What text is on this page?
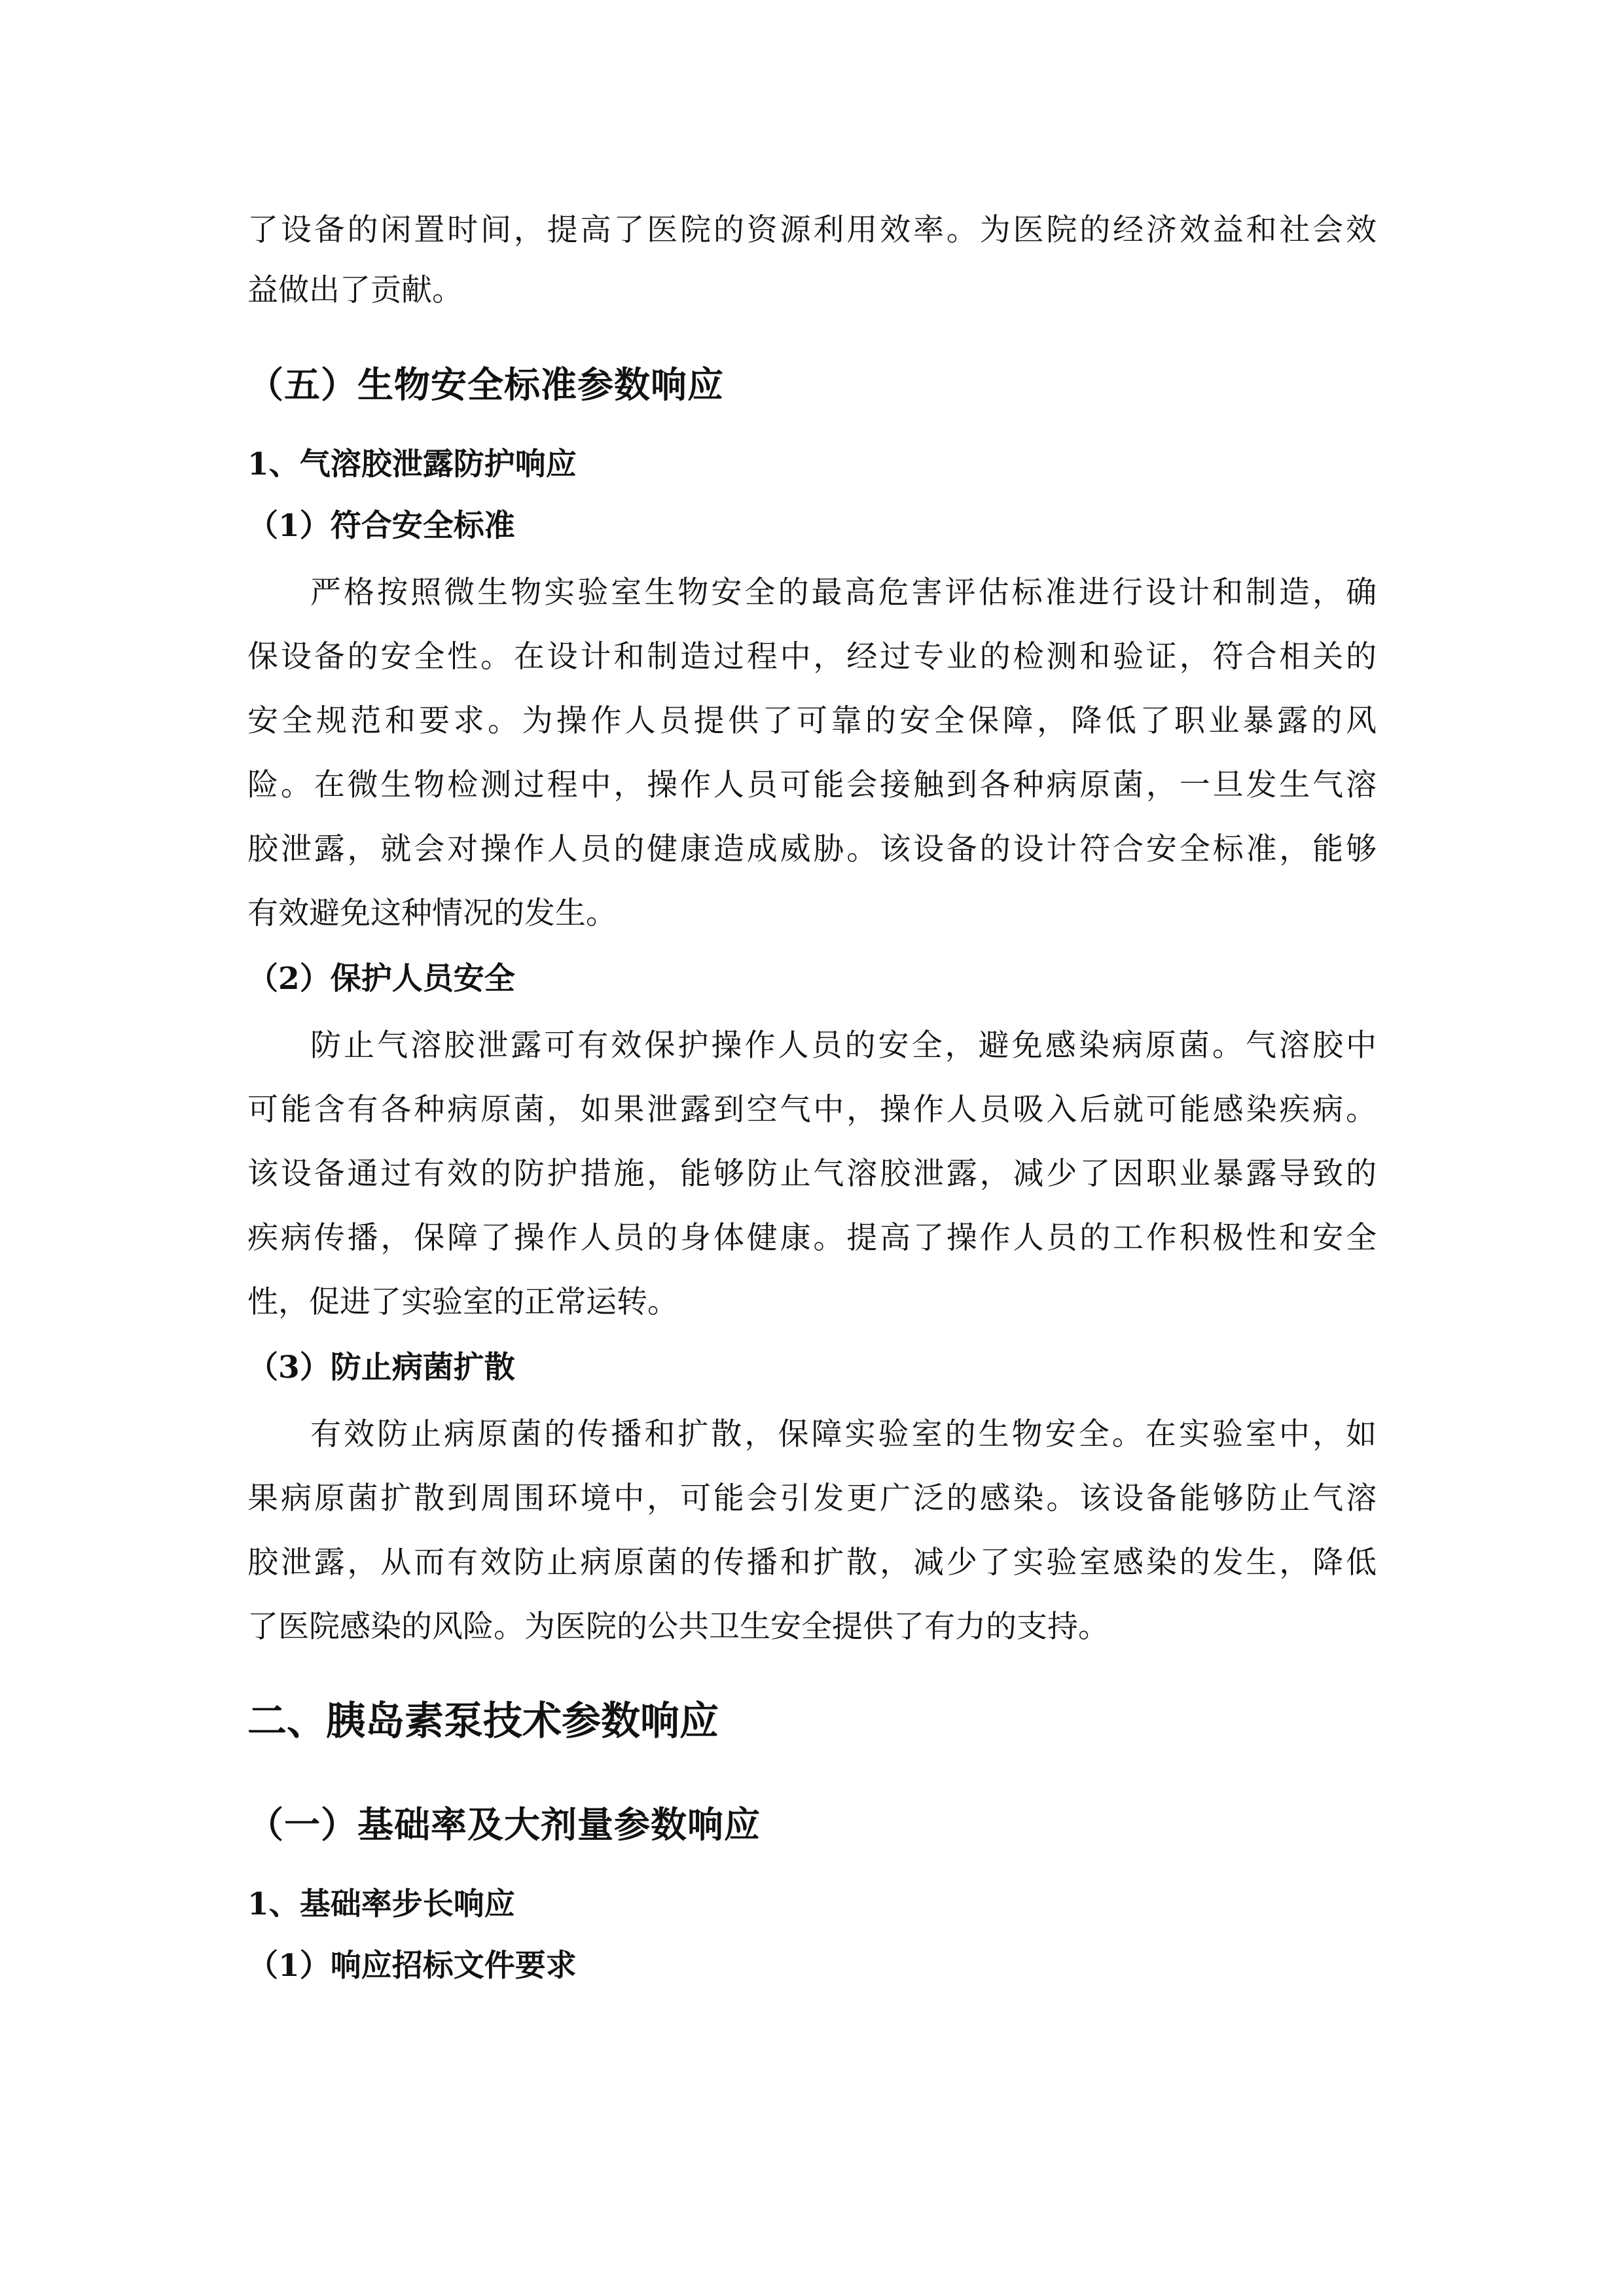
了设备的闲置时间，提高了医院的资源利用效率。为医院的经济效益和社会效

益做出了贡献。

（五）生物安全标准参数响应
1、气溶胶泄露防护响应
（1）符合安全标准

严格按照微生物实验室生物安全的最高危害评估标准进行设计和制造，确

保设备的安全性。在设计和制造过程中，经过专业的检测和验证，符合相关的

安全规范和要求。为操作人员提供了可靠的安全保障，降低了职业暴露的风

险。在微生物检测过程中，操作人员可能会接触到各种病原菌，一旦发生气溶

胶泄露，就会对操作人员的健康造成威胁。该设备的设计符合安全标准，能够

有效避免这种情况的发生。

（2）保护人员安全

防止气溶胶泄露可有效保护操作人员的安全，避免感染病原菌。气溶胶中

可能含有各种病原菌，如果泄露到空气中，操作人员吸入后就可能感染疾病。

该设备通过有效的防护措施，能够防止气溶胶泄露，减少了因职业暴露导致的

疾病传播，保障了操作人员的身体健康。提高了操作人员的工作积极性和安全

性，促进了实验室的正常运转。

（3）防止病菌扩散

有效防止病原菌的传播和扩散，保障实验室的生物安全。在实验室中，如

果病原菌扩散到周围环境中，可能会引发更广泛的感染。该设备能够防止气溶

胶泄露，从而有效防止病原菌的传播和扩散，减少了实验室感染的发生，降低

了医院感染的风险。为医院的公共卫生安全提供了有力的支持。

二、胰岛素泵技术参数响应
（一）基础率及大剂量参数响应
1、基础率步长响应
（1）响应招标文件要求
